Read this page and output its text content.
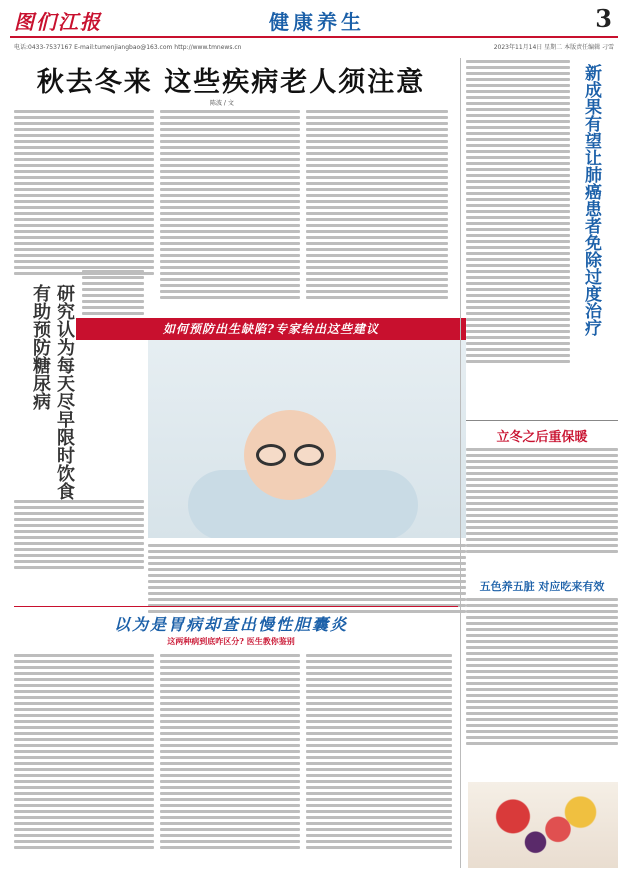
图们江报	健康养生	3
电话:0433-7537167 E-mail:tumenjiangbao@163.com http://www.tmnews.cn	2023年11月14日 星期二 本版责任编辑 刁雪
秋去冬来 这些疾病老人须注意
陈波 / 文
研究认为每天尽早限时饮食有助预防糖尿病	如何预防出生缺陷?专家给出这些建议	新成果有望让肺癌患者免除过度治疗
立冬之后重保暖
五色养五脏 对应吃来有效
以为是胃病却查出慢性胆囊炎
这两种病到底咋区分? 医生教你鉴别
